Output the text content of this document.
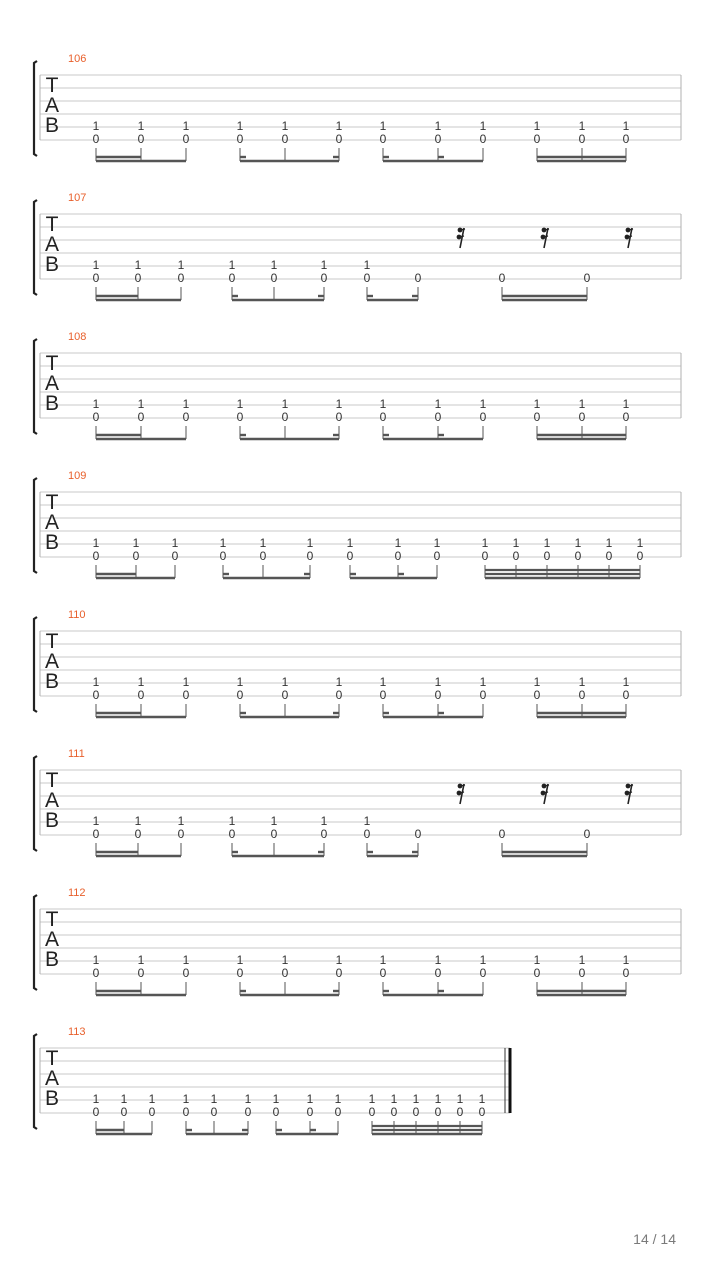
106
T
A
B	1
0
1
0
1
0
1
0
1
0
1
0
1
0
1
0
1
0
1
0
1
0
1
0
107
T
A
B	1
0
1
0
1
0
1
0
1
0
1
0
1
0	0	0	0
108
T
A
B	1
0
1
0
1
0
1
0
1
0
1
0
1
0
1
0
1
0
1
0
1
0
1
0
109
T
A
B	1
0
1
0
1
0
1
0
1
0
1
0
1
0
1
0
1
0
1
0
1
0
1
0
1
0
1
0
1
0
110
T
A
B	1
0
1
0
1
0
1
0
1
0
1
0
1
0
1
0
1
0
1
0
1
0
1
0
111
T
A
B	1
0
1
0
1
0
1
0
1
0
1
0
1
0	0	0	0
112
T
A
B	1
0
1
0
1
0
1
0
1
0
1
0
1
0
1
0
1
0
1
0
1
0
1
0
113
T
A
B	1
0
1
0
1
0
1
0
1
0
1
0
1
0
1
0
1
0
1
0
1
0
1
0
1
0
1
0
1
0
14 / 14
